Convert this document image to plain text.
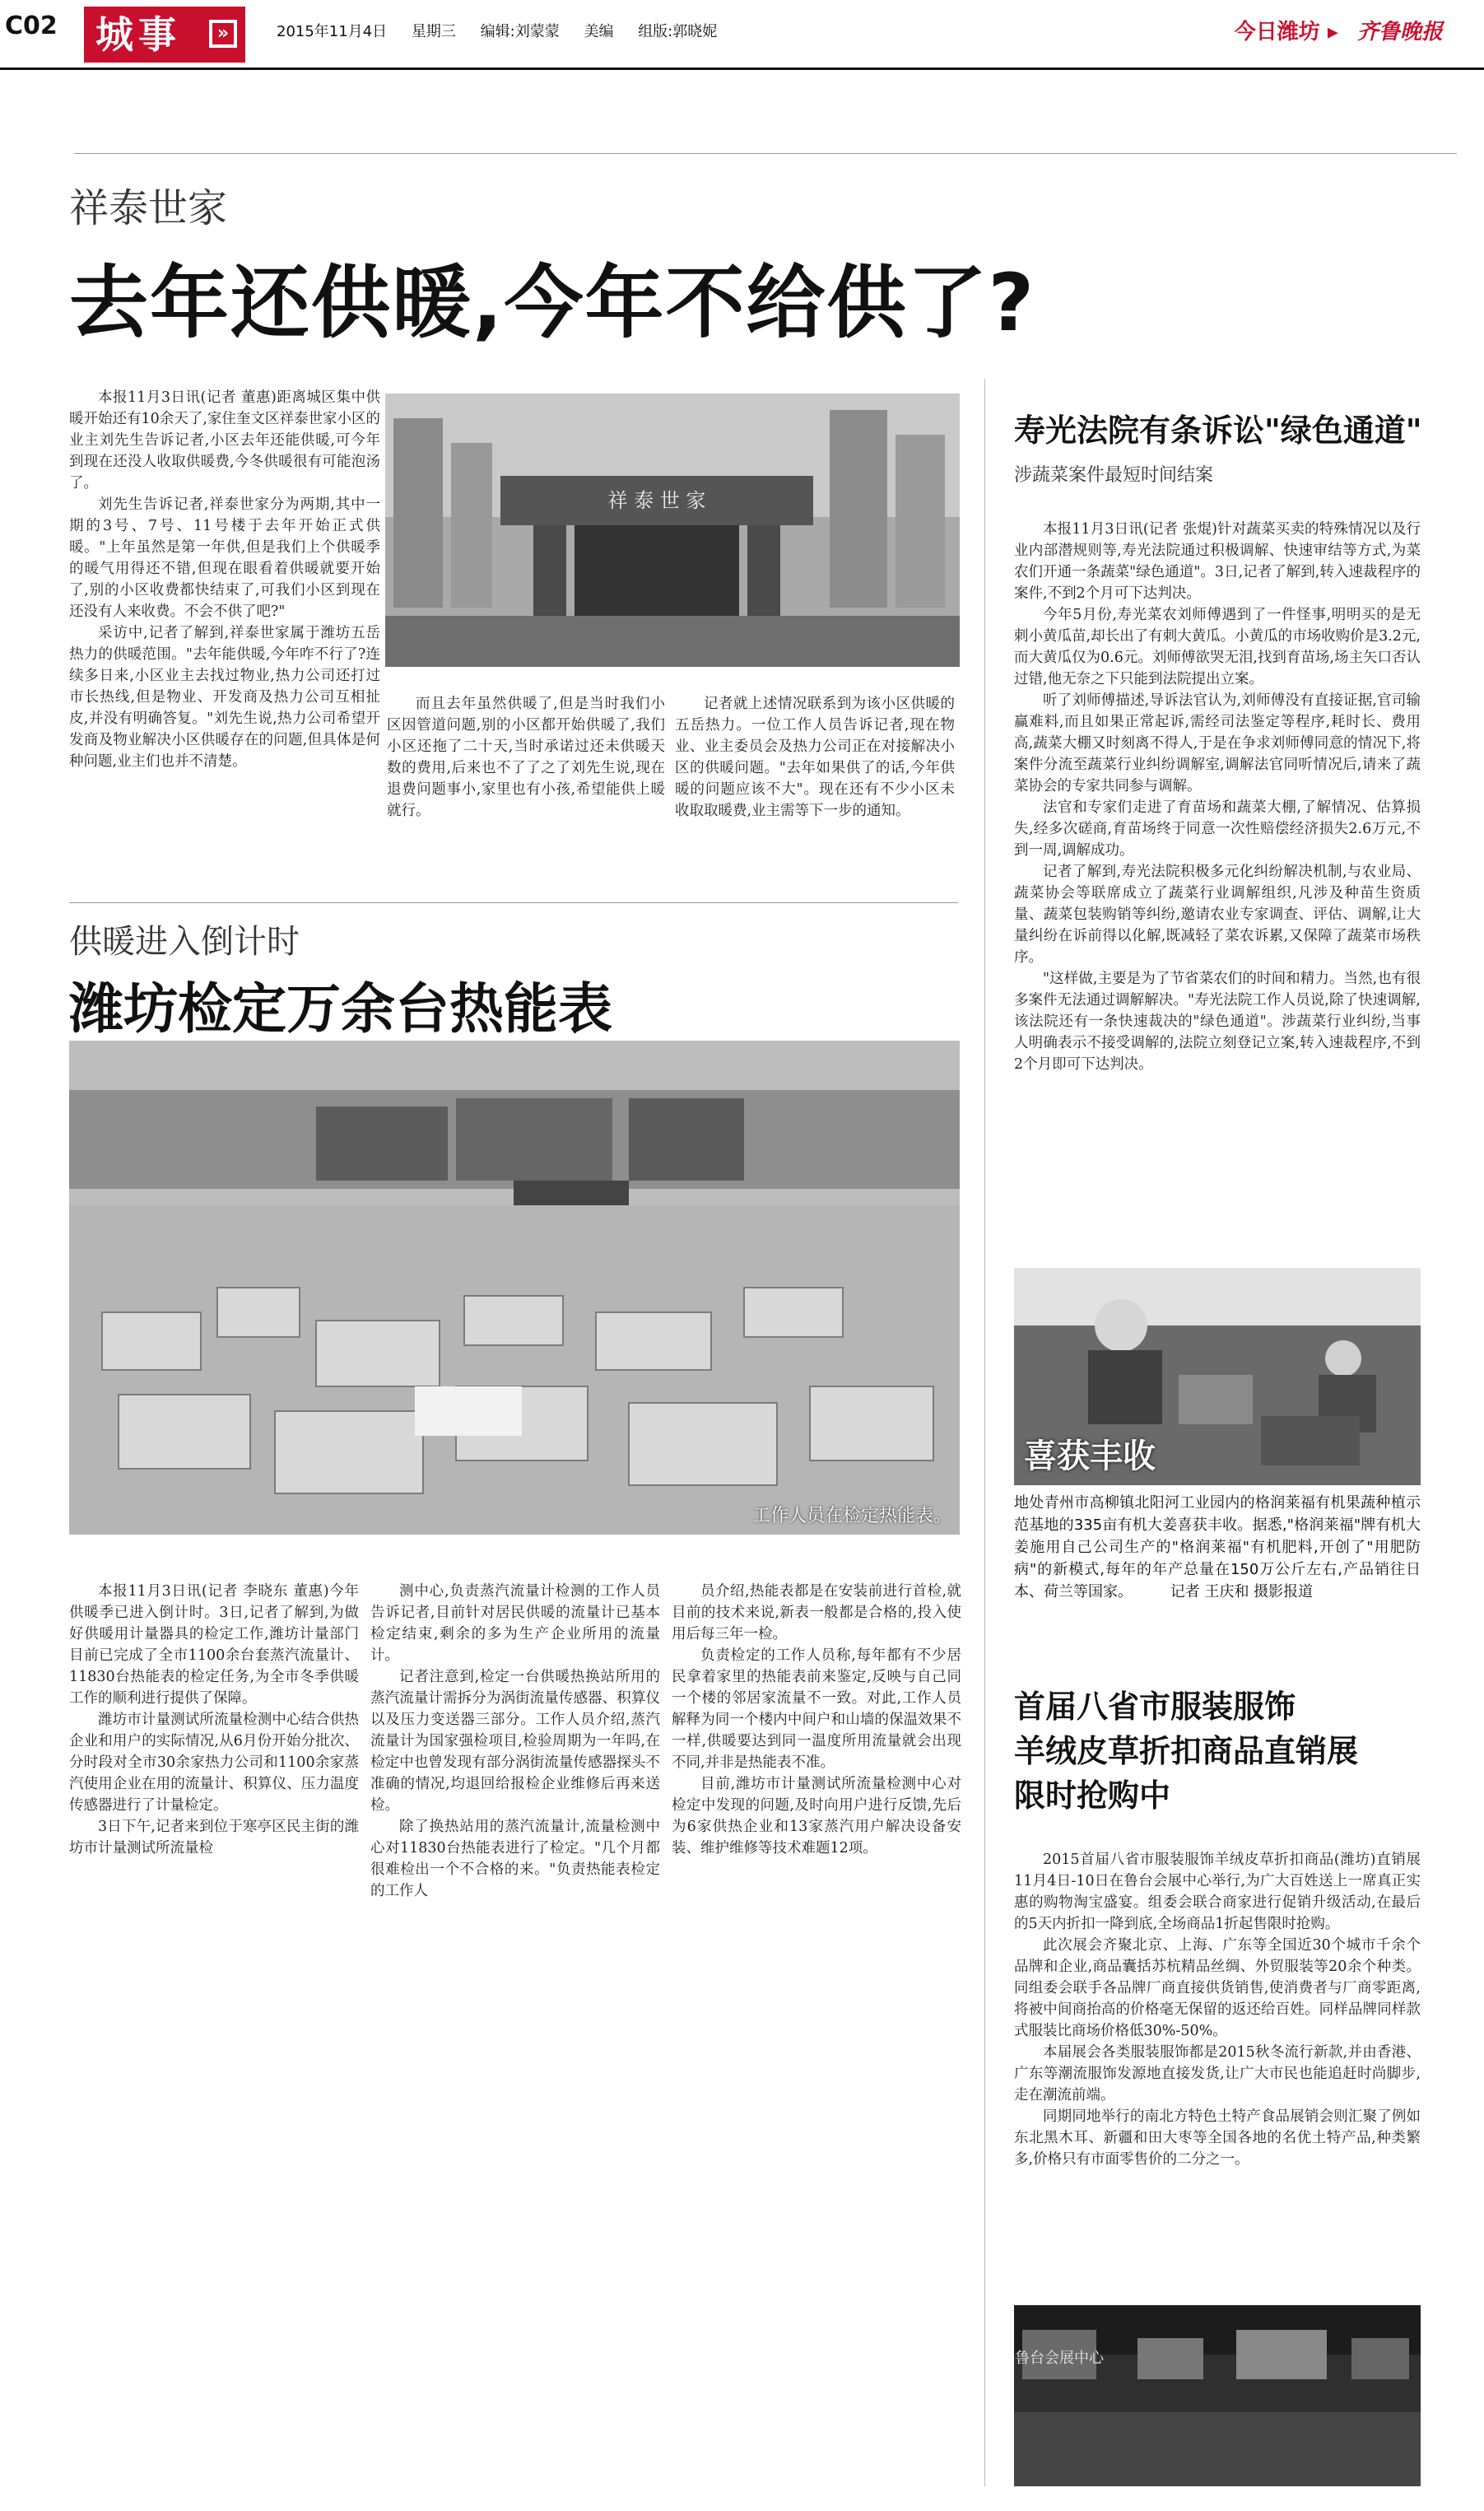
C02	城事	»	2015年11月4日 星期三 编辑:刘蒙蒙 美编 组版:郭晓妮	今日潍坊 ▸ 齐鲁晚报
祥泰世家
去年还供暖,今年不给供了?

本报11月3日讯(记者 董惠)距离城区集中供暖开始还有10余天了,家住奎文区祥泰世家小区的业主刘先生告诉记者,小区去年还能供暖,可今年到现在还没人收取供暖费,今冬供暖很有可能泡汤了。

刘先生告诉记者,祥泰世家分为两期,其中一期的3号、7号、11号楼于去年开始正式供暖。"上年虽然是第一年供,但是我们上个供暖季的暖气用得还不错,但现在眼看着供暖就要开始了,别的小区收费都快结束了,可我们小区到现在还没有人来收费。不会不供了吧?"

采访中,记者了解到,祥泰世家属于潍坊五岳热力的供暖范围。"去年能供暖,今年咋不行了?连续多日来,小区业主去找过物业,热力公司还打过市长热线,但是物业、开发商及热力公司互相扯皮,并没有明确答复。"刘先生说,热力公司希望开发商及物业解决小区供暖存在的问题,但具体是何种问题,业主们也并不清楚。

祥 泰 世 家

而且去年虽然供暖了,但是当时我们小区因管道问题,别的小区都开始供暖了,我们小区还拖了二十天,当时承诺过还未供暖天数的费用,后来也不了了之了刘先生说,现在退费问题事小,家里也有小孩,希望能供上暖就行。

记者就上述情况联系到为该小区供暖的五岳热力。一位工作人员告诉记者,现在物业、业主委员会及热力公司正在对接解决小区的供暖问题。"去年如果供了的话,今年供暖的问题应该不大"。现在还有不少小区未收取取暖费,业主需等下一步的通知。

供暖进入倒计时
潍坊检定万余台热能表
工作人员在检定热能表。

本报11月3日讯(记者 李晓东 董惠)今年供暖季已进入倒计时。3日,记者了解到,为做好供暖用计量器具的检定工作,潍坊计量部门目前已完成了全市1100余台套蒸汽流量计、11830台热能表的检定任务,为全市冬季供暖工作的顺利进行提供了保障。

潍坊市计量测试所流量检测中心结合供热企业和用户的实际情况,从6月份开始分批次、分时段对全市30余家热力公司和1100余家蒸汽使用企业在用的流量计、积算仪、压力温度传感器进行了计量检定。

3日下午,记者来到位于寒亭区民主街的潍坊市计量测试所流量检

测中心,负责蒸汽流量计检测的工作人员告诉记者,目前针对居民供暖的流量计已基本检定结束,剩余的多为生产企业所用的流量计。

记者注意到,检定一台供暖热换站所用的蒸汽流量计需拆分为涡街流量传感器、积算仪以及压力变送器三部分。工作人员介绍,蒸汽流量计为国家强检项目,检验周期为一年吗,在检定中也曾发现有部分涡街流量传感器探头不准确的情况,均退回给报检企业维修后再来送检。

除了换热站用的蒸汽流量计,流量检测中心对11830台热能表进行了检定。"几个月都很难检出一个不合格的来。"负责热能表检定的工作人

员介绍,热能表都是在安装前进行首检,就目前的技术来说,新表一般都是合格的,投入使用后每三年一检。

负责检定的工作人员称,每年都有不少居民拿着家里的热能表前来鉴定,反映与自己同一个楼的邻居家流量不一致。对此,工作人员解释为同一个楼内中间户和山墙的保温效果不一样,供暖要达到同一温度所用流量就会出现不同,并非是热能表不准。

目前,潍坊市计量测试所流量检测中心对检定中发现的问题,及时向用户进行反馈,先后为6家供热企业和13家蒸汽用户解决设备安装、维护维修等技术难题12项。

寿光法院有条诉讼"绿色通道"
涉蔬菜案件最短时间结案

本报11月3日讯(记者 张焜)针对蔬菜买卖的特殊情况以及行业内部潜规则等,寿光法院通过积极调解、快速审结等方式,为菜农们开通一条蔬菜"绿色通道"。3日,记者了解到,转入速裁程序的案件,不到2个月可下达判决。

今年5月份,寿光菜农刘师傅遇到了一件怪事,明明买的是无刺小黄瓜苗,却长出了有刺大黄瓜。小黄瓜的市场收购价是3.2元,而大黄瓜仅为0.6元。刘师傅欲哭无泪,找到育苗场,场主矢口否认过错,他无奈之下只能到法院提出立案。

听了刘师傅描述,导诉法官认为,刘师傅没有直接证据,官司输赢难料,而且如果正常起诉,需经司法鉴定等程序,耗时长、费用高,蔬菜大棚又时刻离不得人,于是在争求刘师傅同意的情况下,将案件分流至蔬菜行业纠纷调解室,调解法官同听情况后,请来了蔬菜协会的专家共同参与调解。

法官和专家们走进了育苗场和蔬菜大棚,了解情况、估算损失,经多次磋商,育苗场终于同意一次性赔偿经济损失2.6万元,不到一周,调解成功。

记者了解到,寿光法院积极多元化纠纷解决机制,与农业局、蔬菜协会等联席成立了蔬菜行业调解组织,凡涉及种苗生资质量、蔬菜包装购销等纠纷,邀请农业专家调查、评估、调解,让大量纠纷在诉前得以化解,既减轻了菜农诉累,又保障了蔬菜市场秩序。

"这样做,主要是为了节省菜农们的时间和精力。当然,也有很多案件无法通过调解解决。"寿光法院工作人员说,除了快速调解,该法院还有一条快速裁决的"绿色通道"。涉蔬菜行业纠纷,当事人明确表示不接受调解的,法院立刻登记立案,转入速裁程序,不到2个月即可下达判决。

喜获丰收
地处青州市高柳镇北阳河工业园内的格润莱福有机果蔬种植示范基地的335亩有机大姜喜获丰收。据悉,"格润莱福"牌有机大姜施用自己公司生产的"格润莱福"有机肥料,开创了"用肥防病"的新模式,每年的年产总量在150万公斤左右,产品销往日本、荷兰等国家。	记者 王庆和 摄影报道
首届八省市服装服饰
羊绒皮草折扣商品直销展
限时抢购中

2015首届八省市服装服饰羊绒皮草折扣商品(潍坊)直销展11月4日-10日在鲁台会展中心举行,为广大百姓送上一席真正实惠的购物淘宝盛宴。组委会联合商家进行促销升级活动,在最后的5天内折扣一降到底,全场商品1折起售限时抢购。

此次展会齐聚北京、上海、广东等全国近30个城市千余个品牌和企业,商品囊括苏杭精品丝绸、外贸服装等20余个种类。同组委会联手各品牌厂商直接供货销售,使消费者与厂商零距离,将被中间商抬高的价格毫无保留的返还给百姓。同样品牌同样款式服装比商场价格低30%-50%。

本届展会各类服装服饰都是2015秋冬流行新款,并由香港、广东等潮流服饰发源地直接发货,让广大市民也能追赶时尚脚步,走在潮流前端。

同期同地举行的南北方特色土特产食品展销会则汇聚了例如东北黑木耳、新疆和田大枣等全国各地的名优土特产品,种类繁多,价格只有市面零售价的二分之一。

鲁台会展中心
